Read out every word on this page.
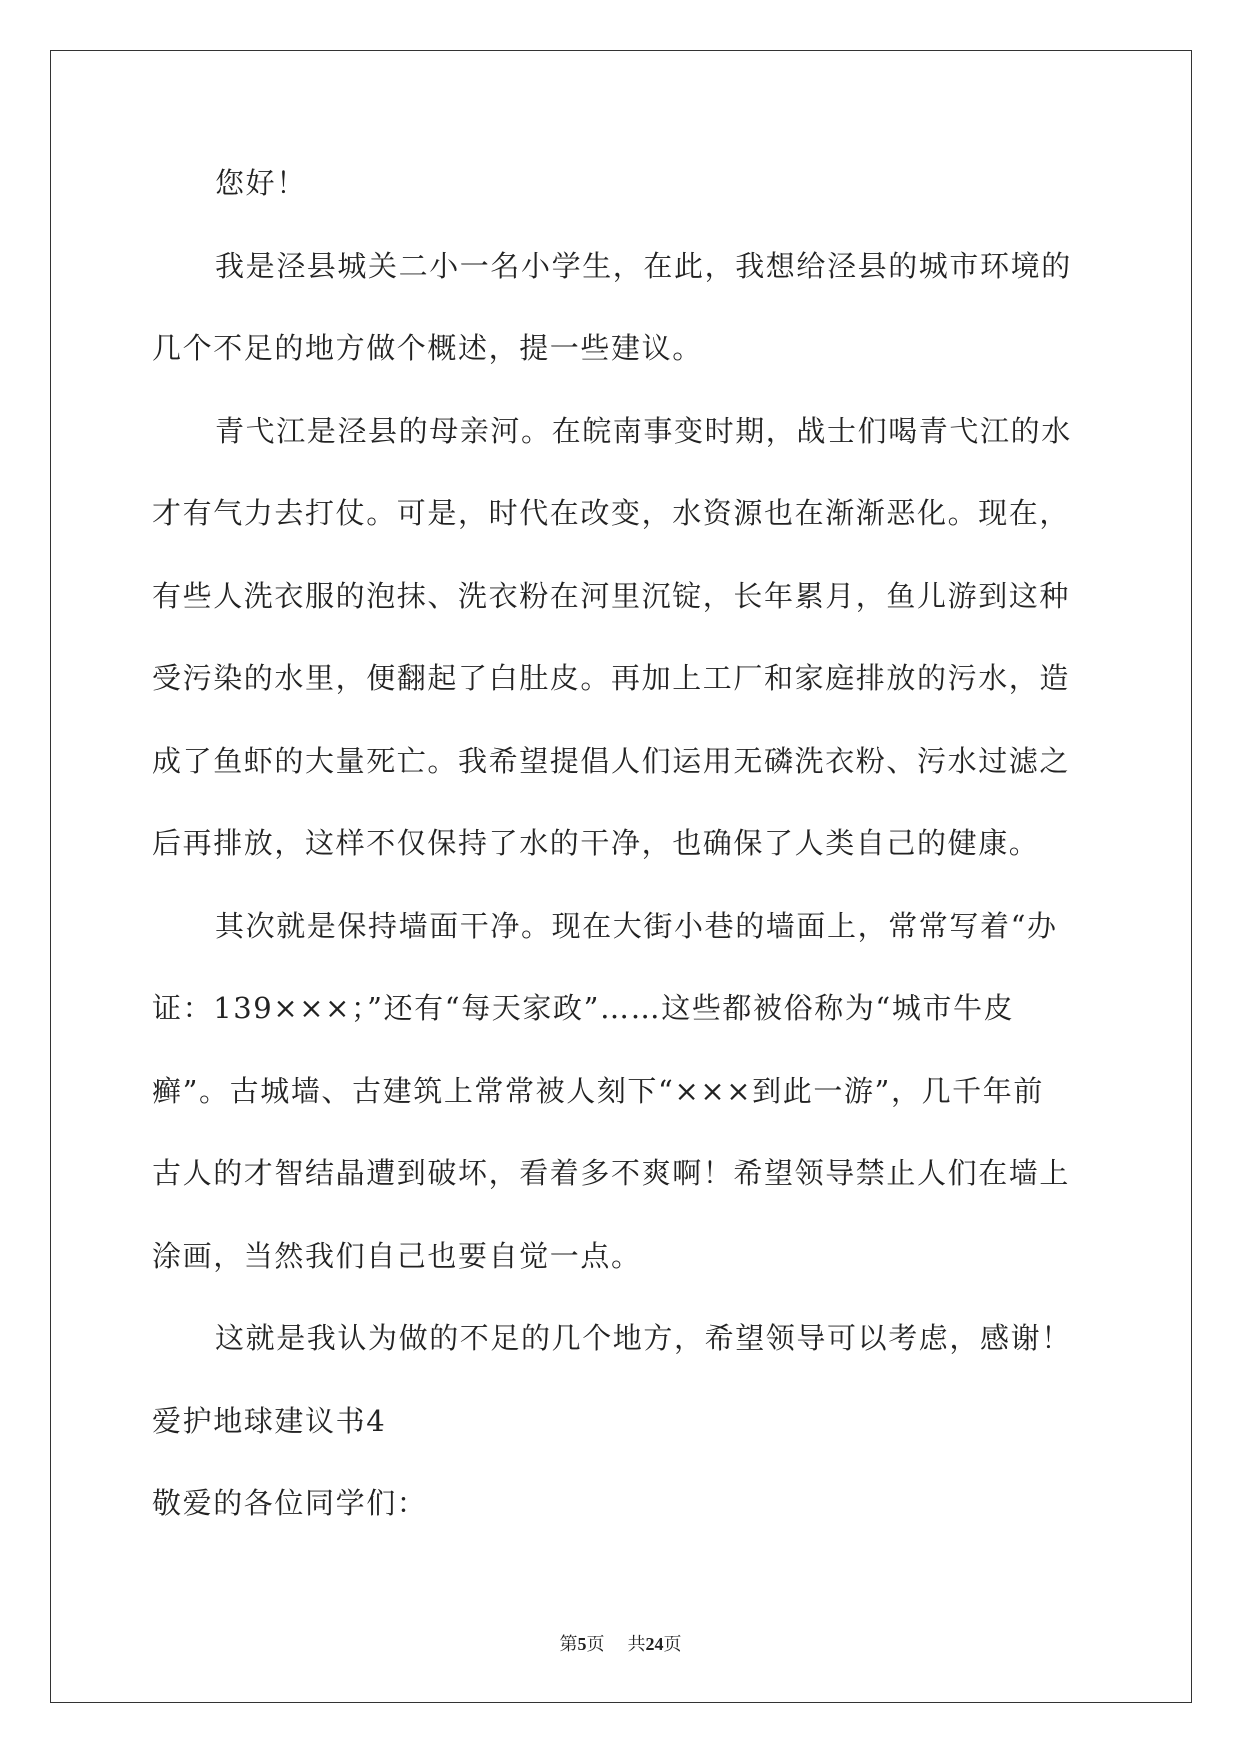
您好！
我是泾县城关二小一名小学生，在此，我想给泾县的城市环境的
几个不足的地方做个概述，提一些建议。
青弋江是泾县的母亲河。在皖南事变时期，战士们喝青弋江的水
才有气力去打仗。可是，时代在改变，水资源也在渐渐恶化。现在，
有些人洗衣服的泡抹、洗衣粉在河里沉锭，长年累月，鱼儿游到这种
受污染的水里，便翻起了白肚皮。再加上工厂和家庭排放的污水，造
成了鱼虾的大量死亡。我希望提倡人们运用无磷洗衣粉、污水过滤之
后再排放，这样不仅保持了水的干净，也确保了人类自己的健康。
其次就是保持墙面干净。现在大街小巷的墙面上，常常写着“办
证：139×××；”还有“每天家政”……这些都被俗称为“城市牛皮
癣”。古城墙、古建筑上常常被人刻下“×××到此一游”，几千年前
古人的才智结晶遭到破坏，看着多不爽啊！希望领导禁止人们在墙上
涂画，当然我们自己也要自觉一点。
这就是我认为做的不足的几个地方，希望领导可以考虑，感谢！
爱护地球建议书4
敬爱的各位同学们：
第5页 共24页
